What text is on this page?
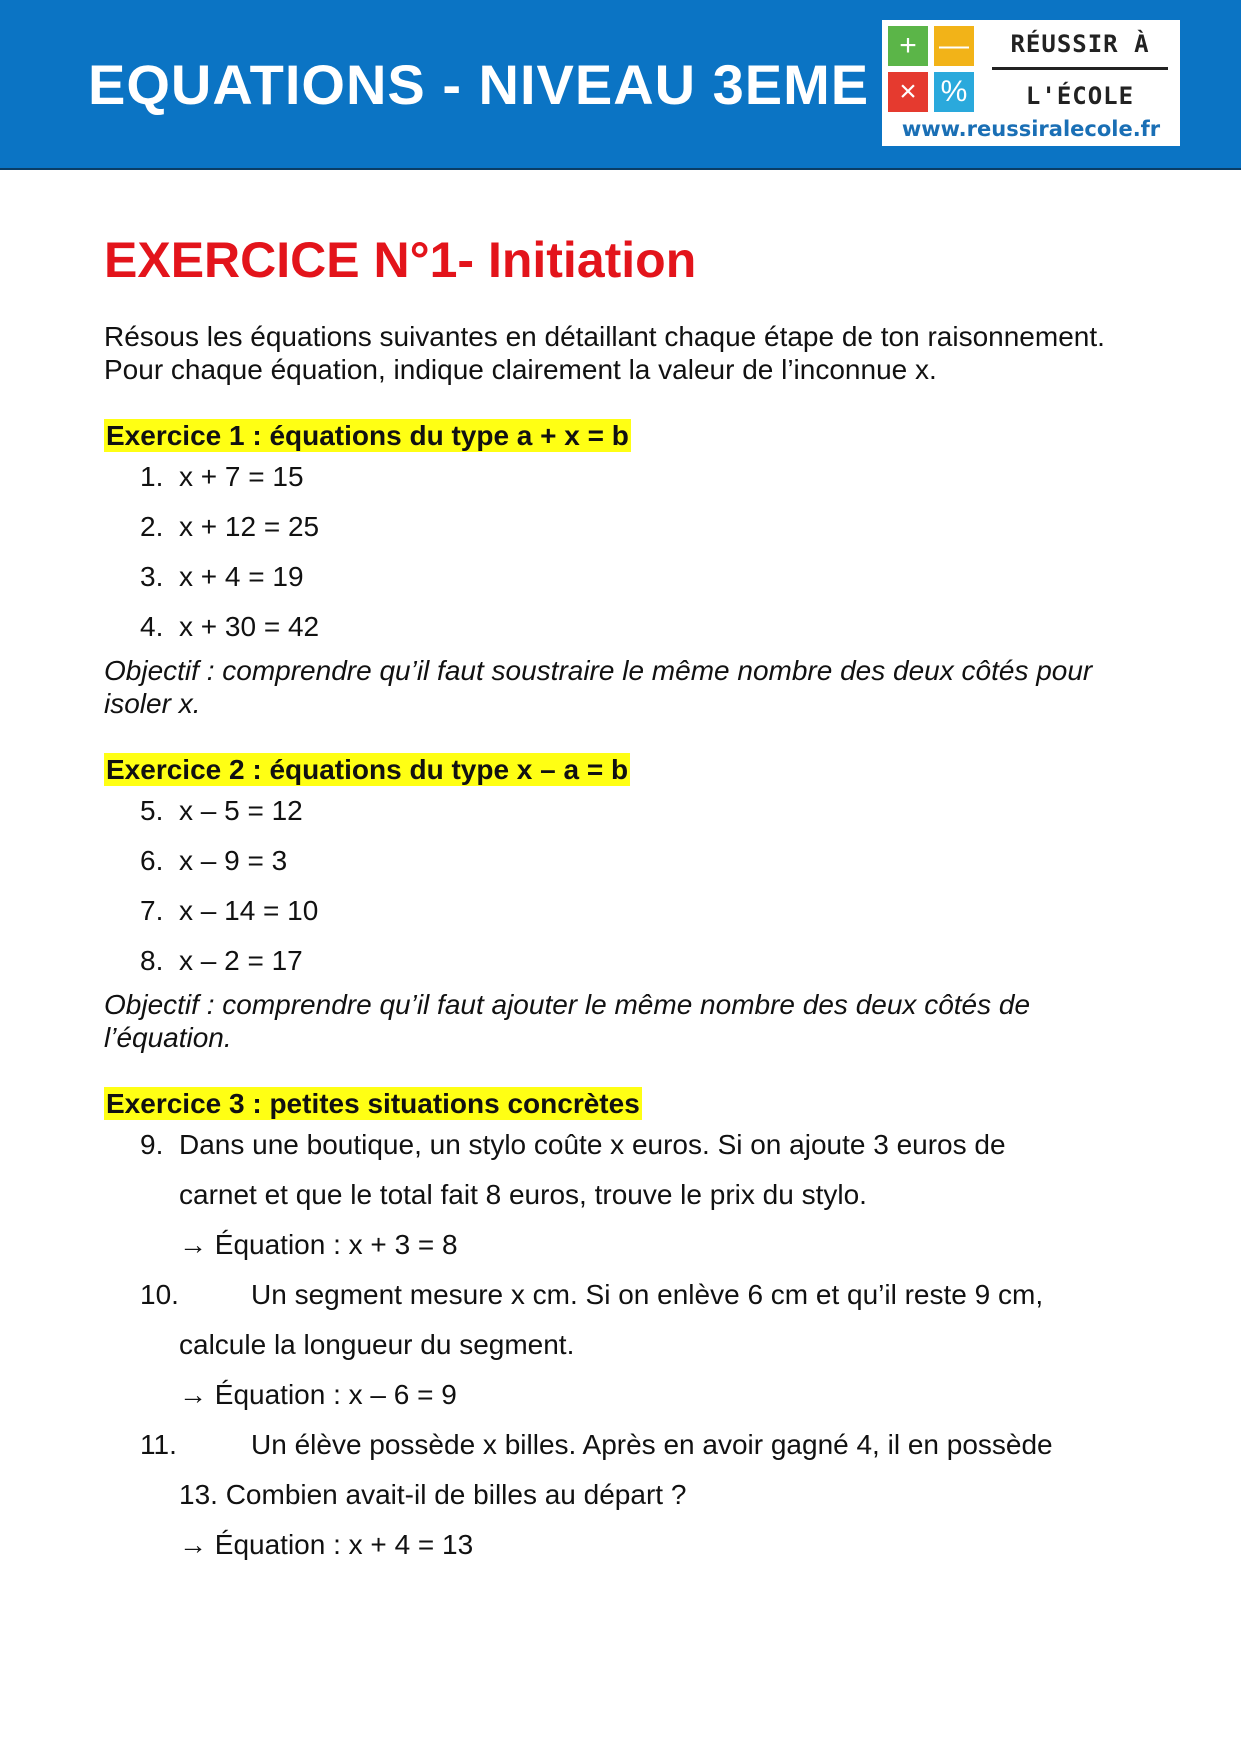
EQUATIONS - NIVEAU 3EME
+ —
× %
RÉUSSIR À
L'ÉCOLE
www.reussiralecole.fr
EXERCICE N°1- Initiation

Résous les équations suivantes en détaillant chaque étape de ton raisonnement. Pour chaque équation, indique clairement la valeur de l’inconnue x.

Exercice 1 : équations du type a + x = b
1. x + 7 = 15
2. x + 12 = 25
3. x + 4 = 19
4. x + 30 = 42
Objectif : comprendre qu’il faut soustraire le même nombre des deux côtés pour isoler x.
Exercice 2 : équations du type x – a = b
5. x – 5 = 12
6. x – 9 = 3
7. x – 14 = 10
8. x – 2 = 17
Objectif : comprendre qu’il faut ajouter le même nombre des deux côtés de l’équation.
Exercice 3 : petites situations concrètes
9. Dans une boutique, un stylo coûte x euros. Si on ajoute 3 euros de
carnet et que le total fait 8 euros, trouve le prix du stylo.
→ Équation : x + 3 = 8
10.	Un segment mesure x cm. Si on enlève 6 cm et qu’il reste 9 cm,
calcule la longueur du segment.
→ Équation : x – 6 = 9
11.	Un élève possède x billes. Après en avoir gagné 4, il en possède
13. Combien avait-il de billes au départ ?
→ Équation : x + 4 = 13
